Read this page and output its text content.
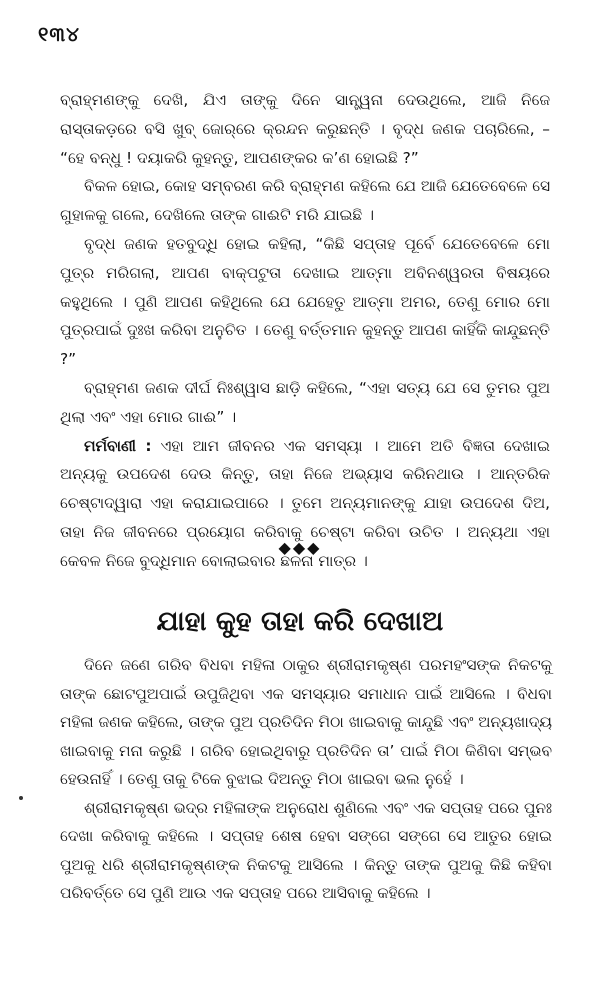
୧୩୪

ବ୍ରାହ୍ମଣଙ୍କୁ ଦେଖି, ଯିଏ ତାଙ୍କୁ ଦିନେ ସାନ୍ତ୍ୱନା ଦେଉଥିଲେ, ଆଜି ନିଜେ ରାସ୍ତାକଡ଼ରେ ବସି ଖୁବ୍ ଜୋର୍‌ରେ କ୍ରନ୍ଦନ କରୁଛନ୍ତି । ବୃଦ୍ଧ ଜଣକ ପଚାରିଲେ, – “ହେ ବନ୍ଧୁ ! ଦୟାକରି କୁହନ୍ତୁ, ଆପଣଙ୍କର କ’ଣ ହୋଇଛି ?”

ବିକଳ ହୋଇ, କୋହ ସମ୍ବରଣ କରି ବ୍ରାହ୍ମଣ କହିଲେ ଯେ ଆଜି ଯେତେବେଳେ ସେ ଗୁହାଳକୁ ଗଲେ, ଦେଖିଲେ ତାଙ୍କ ଗାଈଟି ମରି ଯାଇଛି ।

ବୃଦ୍ଧ ଜଣକ ହତବୁଦ୍ଧି ହୋଇ କହିଲା, “କିଛି ସପ୍ତାହ ପୂର୍ବେ ଯେତେବେଳେ ମୋ ପୁତ୍ର ମରିଗଲା, ଆପଣ ବାକ୍‌ପଟୁତା ଦେଖାଇ ଆତ୍ମା ଅବିନଶ୍ୱରତା ବିଷୟରେ କହୁଥିଲେ । ପୁଣି ଆପଣ କହିଥିଲେ ଯେ ଯେହେତୁ ଆତ୍ମା ଅମର, ତେଣୁ ମୋର ମୋ ପୁତ୍ରପାଇଁ ଦୁଃଖ କରିବା ଅନୁଚିତ । ତେଣୁ ବର୍ତ୍ତମାନ କୁହନ୍ତୁ ଆପଣ କାହିଁକି କାନ୍ଦୁଛନ୍ତି ?”

ବ୍ରାହ୍ମଣ ଜଣକ ଦୀର୍ଘ ନିଃଶ୍ୱାସ ଛାଡ଼ି କହିଲେ, “ଏହା ସତ୍ୟ ଯେ ସେ ତୁମର ପୁଅ ଥିଲା ଏବଂ ଏହା ମୋର ଗାଈ” ।

ମର୍ମବାଣୀ : ଏହା ଆମ ଜୀବନର ଏକ ସମସ୍ୟା । ଆମେ ଅତି ବିଜ୍ଞତା ଦେଖାଇ ଅନ୍ୟକୁ ଉପଦେଶ ଦେଉ କିନ୍ତୁ, ତାହା ନିଜେ ଅଭ୍ୟାସ କରିନଥାଉ । ଆନ୍ତରିକ ଚେଷ୍ଟାଦ୍ୱାରା ଏହା କରାଯାଇପାରେ । ତୁମେ ଅନ୍ୟମାନଙ୍କୁ ଯାହା ଉପଦେଶ ଦିଅ, ତାହା ନିଜ ଜୀବନରେ ପ୍ରୟୋଗ କରିବାକୁ ଚେଷ୍ଟା କରିବା ଉଚିତ । ଅନ୍ୟଥା ଏହା କେବଳ ନିଜେ ବୁଦ୍ଧିମାନ ବୋଲାଇବାର ଛଳନା ମାତ୍ର ।

◆◆◆
ଯାହା କୁହ ତାହା କରି ଦେଖାଅ

ଦିନେ ଜଣେ ଗରିବ ବିଧବା ମହିଳା ଠାକୁର ଶ୍ରୀରାମକୃଷ୍ଣ ପରମହଂସଙ୍କ ନିକଟକୁ ତାଙ୍କ ଛୋଟପୁଅପାଇଁ ଉପୁଜିଥିବା ଏକ ସମସ୍ୟାର ସମାଧାନ ପାଇଁ ଆସିଲେ । ବିଧବା ମହିଳା ଜଣକ କହିଲେ, ତାଙ୍କ ପୁଅ ପ୍ରତିଦିନ ମିଠା ଖାଇବାକୁ କାନ୍ଦୁଛି ଏବଂ ଅନ୍ୟଖାଦ୍ୟ ଖାଇବାକୁ ମନା କରୁଛି । ଗରିବ ହୋଇଥିବାରୁ ପ୍ରତିଦିନ ତା’ ପାଇଁ ମିଠା କିଣିବା ସମ୍ଭବ ହେଉନାହିଁ । ତେଣୁ ତାକୁ ଟିକେ ବୁଝାଇ ଦିଅନ୍ତୁ ମିଠା ଖାଇବା ଭଲ ନୁହେଁ ।

ଶ୍ରୀରାମକୃଷ୍ଣ ଭଦ୍ର ମହିଳାଙ୍କ ଅନୁରୋଧ ଶୁଣିଲେ ଏବଂ ଏକ ସପ୍ତାହ ପରେ ପୁନଃ ଦେଖା କରିବାକୁ କହିଲେ । ସପ୍ତାହ ଶେଷ ହେବା ସଙ୍ଗେ ସଙ୍ଗେ ସେ ଆତୁର ହୋଇ ପୁଅକୁ ଧରି ଶ୍ରୀରାମକୃଷ୍ଣଙ୍କ ନିକଟକୁ ଆସିଲେ । କିନ୍ତୁ ତାଙ୍କ ପୁଅକୁ କିଛି କହିବା ପରିବର୍ତ୍ତେ ସେ ପୁଣି ଆଉ ଏକ ସପ୍ତାହ ପରେ ଆସିବାକୁ କହିଲେ ।
